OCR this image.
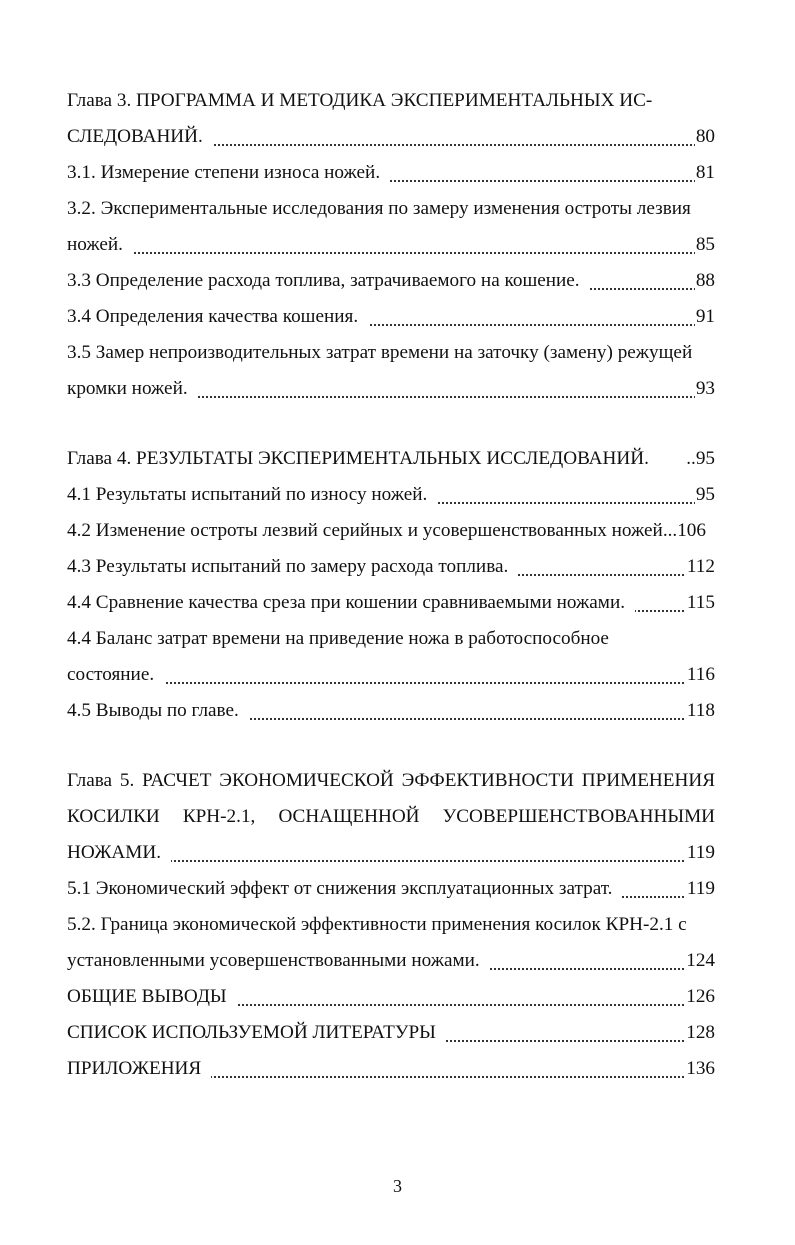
Глава 3. ПРОГРАММА И МЕТОДИКА ЭКСПЕРИМЕНТАЛЬНЫХ ИС-
СЛЕДОВАНИЙ.	80
3.1. Измерение степени износа ножей.	81
3.2. Экспериментальные исследования по замеру изменения остроты лезвия
ножей.	85
3.3 Определение расхода топлива, затрачиваемого на кошение.	88
3.4 Определения качества кошения.	91
3.5 Замер непроизводительных затрат времени на заточку (замену) режущей
кромки ножей.	93
Глава 4. РЕЗУЛЬТАТЫ ЭКСПЕРИМЕНТАЛЬНЫХ ИССЛЕДОВАНИЙ.	..95
4.1 Результаты испытаний по износу ножей.	95
4.2 Изменение остроты лезвий серийных и усовершенствованных ножей...106
4.3 Результаты испытаний по замеру расхода топлива.	112
4.4 Сравнение качества среза при кошении сравниваемыми ножами.	115
4.4 Баланс затрат времени на приведение ножа в работоспособное
состояние.	116
4.5 Выводы по главе.	118
Глава 5. РАСЧЕТ ЭКОНОМИЧЕСКОЙ ЭФФЕКТИВНОСТИ ПРИМЕНЕНИЯ
КОСИЛКИ КРН-2.1, ОСНАЩЕННОЙ УСОВЕРШЕНСТВОВАННЫМИ
НОЖАМИ.	119
5.1 Экономический эффект от снижения эксплуатационных затрат.	119
5.2. Граница экономической эффективности применения косилок КРН-2.1 с
установленными усовершенствованными ножами.	124
ОБЩИЕ ВЫВОДЫ	126
СПИСОК ИСПОЛЬЗУЕМОЙ ЛИТЕРАТУРЫ	128
ПРИЛОЖЕНИЯ	136
3
